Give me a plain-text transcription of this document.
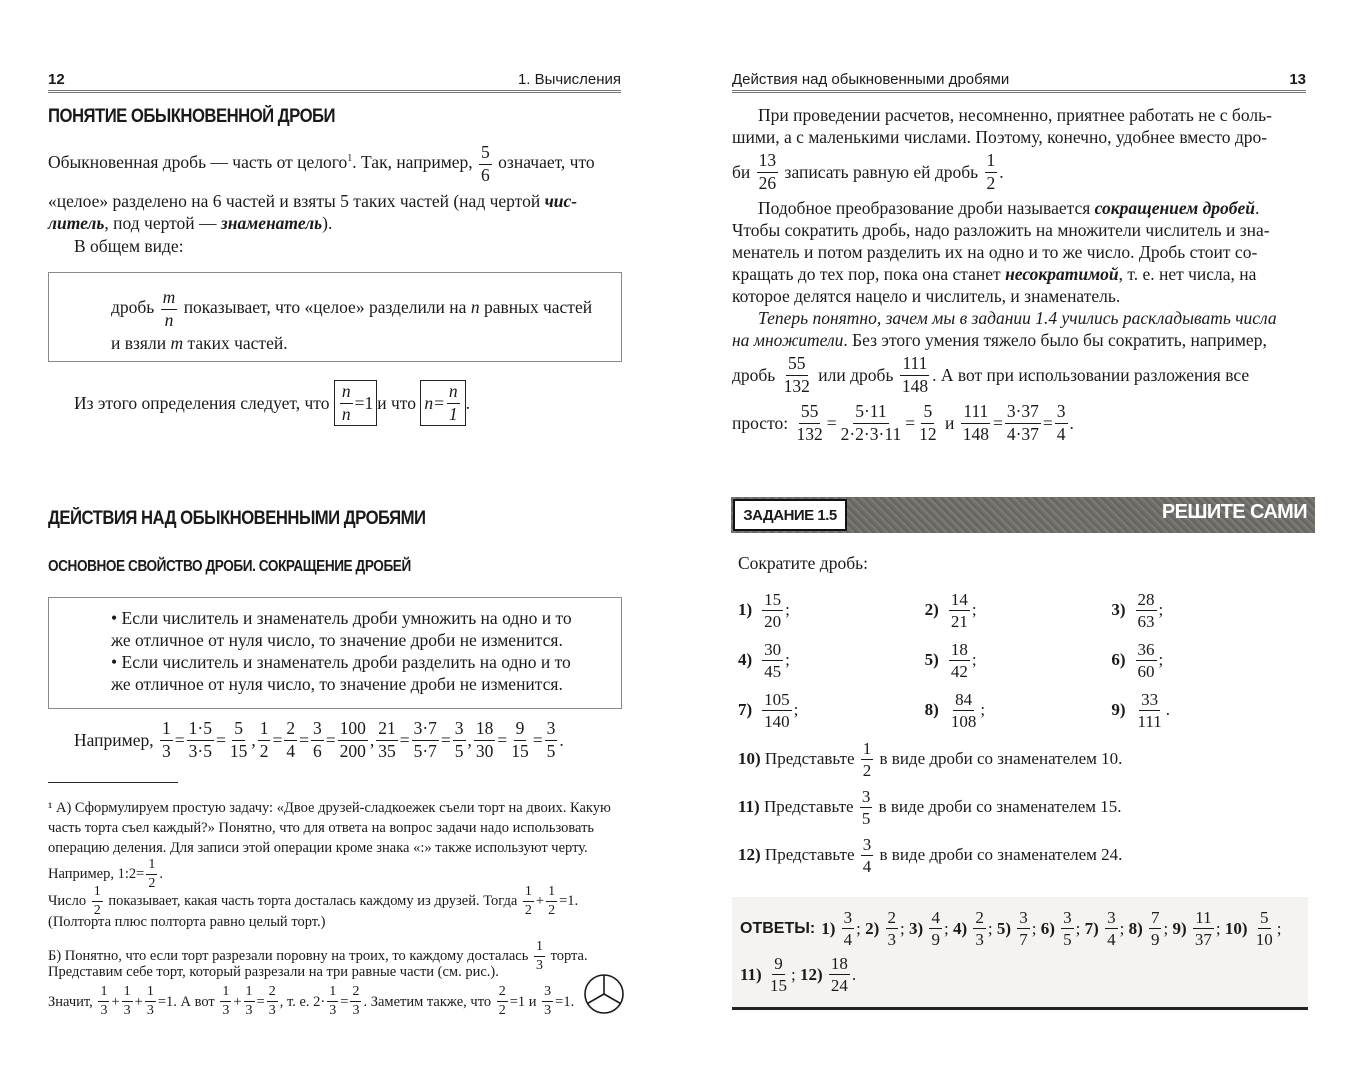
12	1. Вычисления
ПОНЯТИЕ ОБЫКНОВЕННОЙ ДРОБИ
Обыкновенная дробь — часть от целого$^1$. Так, например, $\frac{5}{6}$ означает, что
«целое» разделено на 6 частей и взяты 5 таких частей (над чертой чис-
литель, под чертой — знаменатель).
В общем виде:
дробь $\frac{m}{n}$ показывает, что «целое» разделили на n равных частей
и взяли m таких частей.
Из этого определения следует, что
$\frac{n}{n} =1$ и что
$n= \frac{n}{1}$ .
ДЕЙСТВИЯ НАД ОБЫКНОВЕННЫМИ ДРОБЯМИ
ОСНОВНОЕ СВОЙСТВО ДРОБИ. СОКРАЩЕНИЕ ДРОБЕЙ
• Если числитель и знаменатель дроби умножить на одно и то
же отличное от нуля число, то значение дроби не изменится.
• Если числитель и знаменатель дроби разделить на одно и то
же отличное от нуля число, то значение дроби не изменится.
Например,
$\frac{1}{3} = \frac{1\cdot 5}{3\cdot 5} = \frac{5}{15}$ , $\frac{1}{2} = \frac{2}{4} = \frac{3}{6} = \frac{100}{200}$ , $\frac{21}{35} = \frac{3\cdot 7}{5\cdot 7} = \frac{3}{5}$ , $\frac{18}{30} = \frac{9}{15} = \frac{3}{5}$ .
¹ А) Сформулируем простую задачу: «Двое друзей-сладкоежек съели торт на двоих. Какую
часть торта съел каждый?» Понятно, что для ответа на вопрос задачи надо использовать
операцию деления. Для записи этой операции кроме знака «:» также используют черту.
Например, 1:2= $\frac{1}{2}$ .
Число $\frac{1}{2}$ показывает, какая часть торта досталась каждому из друзей. Тогда $\frac{1}{2} + \frac{1}{2} =1$.
(Полторта плюс полторта равно целый торт.)
Б) Понятно, что если торт разрезали поровну на троих, то каждому досталась $\frac{1}{3}$ торта.
Представим себе торт, который разрезали на три равные части (см. рис.).
Значит,
$\frac{1}{3} + \frac{1}{3} + \frac{1}{3} =1$. А вот
$\frac{1}{3} + \frac{1}{3} = \frac{2}{3}$ , т. е. $2\cdot \frac{1}{3} = \frac{2}{3}$ . Заметим также, что
$\frac{2}{2} =1$ и
$\frac{3}{3} =1$.
Действия над обыкновенными дробями	13
При проведении расчетов, несомненно, приятнее работать не с боль-
шими, а с маленькими числами. Поэтому, конечно, удобнее вместо дро-
би
$\frac{13}{26}$
записать равную ей дробь
$\frac{1}{2}$ .
Подобное преобразование дроби называется сокращением дробей.
Чтобы сократить дробь, надо разложить на множители числитель и зна-
менатель и потом разделить их на одно и то же число. Дробь стоит со-
кращать до тех пор, пока она станет несократимой, т. е. нет числа, на
которое делятся нацело и числитель, и знаменатель.
Теперь понятно, зачем мы в задании 1.4 учились раскладывать числа
на множители. Без этого умения тяжело было бы сократить, например,
дробь
$\frac{55}{132}$
или дробь
$\frac{111}{148}$ . А вот при использовании разложения все
просто:
$\frac{55}{132} = \frac{5\cdot 11}{2\cdot 2\cdot 3\cdot 11} = \frac{5}{12}$
и
$\frac{111}{148} = \frac{3\cdot 37}{4\cdot 37} = \frac{3}{4}$ .
ЗАДАНИЕ 1.5	РЕШИТЕ САМИ
Сократите дробь:
$1) \frac{15}{20}$ ;	$2) \frac{14}{21}$ ;	$3) \frac{28}{63}$ ;
$4) \frac{30}{45}$ ;	$5) \frac{18}{42}$ ;	$6) \frac{36}{60}$ ;
$7) \frac{105}{140}$ ;	$8) \frac{84}{108}$ ;	$9) \frac{33}{111}$ .
10) Представьте $\frac{1}{2}$ в виде дроби со знаменателем 10.
11) Представьте $\frac{3}{5}$ в виде дроби со знаменателем 15.
12) Представьте $\frac{3}{4}$ в виде дроби со знаменателем 24.
ОТВЕТЫ: $1) \frac{3}{4}$ ; $2) \frac{2}{3}$ ; $3) \frac{4}{9}$ ; $4) \frac{2}{3}$ ; $5) \frac{3}{7}$ ; $6) \frac{3}{5}$ ; $7) \frac{3}{4}$ ; $8) \frac{7}{9}$ ; $9) \frac{11}{37}$ ; $10) \frac{5}{10}$ ;
$11) \frac{9}{15}$ ; $12) \frac{18}{24}$ .
